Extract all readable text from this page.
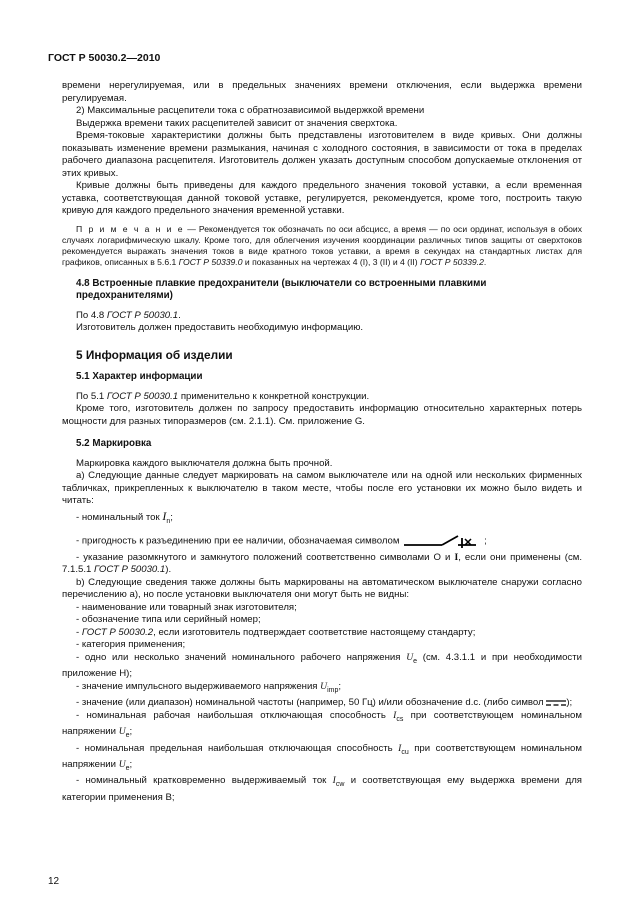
ГОСТ Р 50030.2—2010

времени нерегулируемая, или в предельных значениях времени отключения, если выдержка времени регулируемая.

2) Максимальные расцепители тока с обратнозависимой выдержкой времени

Выдержка времени таких расцепителей зависит от значения сверхтока.

Время-токовые характеристики должны быть представлены изготовителем в виде кривых. Они должны показывать изменение времени размыкания, начиная с холодного состояния, в зависимости от тока в пределах рабочего диапазона расцепителя. Изготовитель должен указать доступным способом допускаемые отклонения от этих кривых.

Кривые должны быть приведены для каждого предельного значения токовой уставки, а если временная уставка, соответствующая данной токовой уставке, регулируется, рекомендуется, кроме того, построить такую кривую для каждого предельного значения временной уставки.

П р и м е ч а н и е — Рекомендуется ток обозначать по оси абсцисс, а время — по оси ординат, используя в обоих случаях логарифмическую шкалу. Кроме того, для облегчения изучения координации различных типов защиты от сверхтоков рекомендуется выражать значения токов в виде кратного токов уставки, а время в секундах на стандартных листах для графиков, описанных в 5.6.1 ГОСТ Р 50339.0 и показанных на чертежах 4 (I), 3 (II) и 4 (II) ГОСТ Р 50339.2.

4.8 Встроенные плавкие предохранители (выключатели со встроенными плавкими предохранителями)

По 4.8 ГОСТ Р 50030.1.

Изготовитель должен предоставить необходимую информацию.

5 Информация об изделии
5.1 Характер информации

По 5.1 ГОСТ Р 50030.1 применительно к конкретной конструкции.

Кроме того, изготовитель должен по запросу предоставить информацию относительно характерных потерь мощности для разных типоразмеров (см. 2.1.1). См. приложение G.

5.2 Маркировка

Маркировка каждого выключателя должна быть прочной.

а) Следующие данные следует маркировать на самом выключателе или на одной или нескольких фирменных табличках, прикрепленных к выключателю в таком месте, чтобы после его установки их можно было видеть и читать:

- номинальный ток $I_n$;

- пригодность к разъединению при ее наличии, обозначаемая символом	;

- указание разомкнутого и замкнутого положений соответственно символами O и I, если они применены (см. 7.1.5.1 ГОСТ Р 50030.1).

b) Следующие сведения также должны быть маркированы на автоматическом выключателе снаружи согласно перечислению а), но после установки выключателя они могут быть не видны:

- наименование или товарный знак изготовителя;

- обозначение типа или серийный номер;

- ГОСТ Р 50030.2, если изготовитель подтверждает соответствие настоящему стандарту;

- категория применения;

- одно или несколько значений номинального рабочего напряжения $U_e$ (см. 4.3.1.1 и при необходимости приложение Н);

- значение импульсного выдерживаемого напряжения $U_{imp}$;

- значение (или диапазон) номинальной частоты (например, 50 Гц) и/или обозначение d.c. (либо символ );

- номинальная рабочая наибольшая отключающая способность $I_{cs}$ при соответствующем номинальном напряжении $U_e$;

- номинальная предельная наибольшая отключающая способность $I_{cu}$ при соответствующем номинальном напряжении $U_e$;

- номинальный кратковременно выдерживаемый ток $I_{cw}$ и соответствующая ему выдержка времени для категории применения В;

12
